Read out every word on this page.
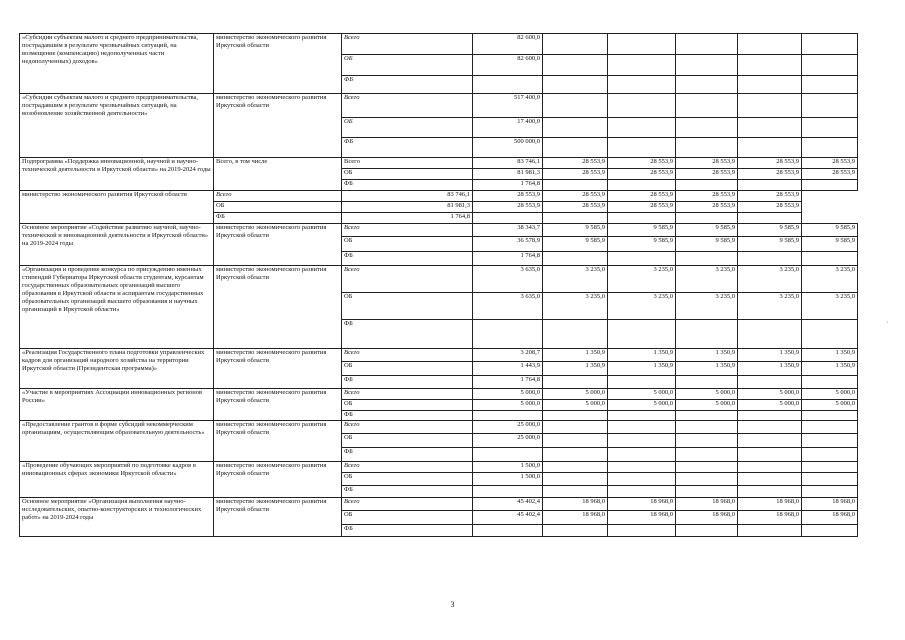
«Субсидии субъектам малого и среднего предпринимательства, пострадавшим в результате чрезвычайных ситуаций, на возмещение (компенсацию) недополученных части недополученных) доходов»	министерство экономического развития Иркутской области	Всего	82 600,0					
		ОБ	82 600,0					
		ФБ						
«Субсидии субъектам малого и среднего предпринимательства, пострадавшим в результате чрезвычайных ситуаций, на возобновление хозяйственной деятельности»	министерство экономического развития Иркутской области	Всего	517 400,0					
		ОБ	17 400,0					
		ФБ	500 000,0					
Подпрограмма «Поддержка инновационной, научной и научно-технической деятельности в Иркутской области» на 2019-2024 годы	Всего, в том числе	Всего	83 746,1	28 553,9	28 553,9	28 553,9	28 553,9	28 553,9
		ОБ	81 981,3	28 553,9	28 553,9	28 553,9	28 553,9	28 553,9
		ФБ	1 764,8					
министерство экономического развития Иркутской области	Всего	83 746,1	28 553,9	28 553,9	28 553,9	28 553,9	28 553,9	
	ОБ	81 981,3	28 553,9	28 553,9	28 553,9	28 553,9	28 553,9	
	ФБ	1 764,8						
Основное мероприятие «Содействие развитию научной, научно-технической и инновационной деятельности в Иркутской области» на 2019-2024 годы	министерство экономического развития Иркутской области	Всего	38 343,7	9 585,9	9 585,9	9 585,9	9 585,9	9 585,9
		ОБ	36 578,9	9 585,9	9 585,9	9 585,9	9 585,9	9 585,9
		ФБ	1 764,8					
«Организация и проведение конкурса по присуждению именных стипендий Губернатора Иркутской области студентам, курсантам государственных образовательных организаций высшего образования в Иркутской области и аспирантам государственных образовательных организаций высшего образования и научных организаций в Иркутской области»	министерство экономического развития Иркутской области	Всего	3 635,0	3 235,0	3 235,0	3 235,0	3 235,0	3 235,0
		ОБ	3 635,0	3 235,0	3 235,0	3 235,0	3 235,0	3 235,0
		ФБ						
«Реализация Государственного плана подготовки управленческих кадров для организаций народного хозяйства на территории Иркутской области (Президентская программа)»	министерство экономического развития Иркутской области	Всего	3 208,7	1 350,9	1 350,9	1 350,9	1 350,9	1 350,9
		ОБ	1 443,9	1 350,9	1 350,9	1 350,9	1 350,9	1 350,9
		ФБ	1 764,8					
«Участие в мероприятиях Ассоциации инновационных регионов России»	министерство экономического развития Иркутской области	Всего	5 000,0	5 000,0	5 000,0	5 000,0	5 000,0	5 000,0
		ОБ	5 000,0	5 000,0	5 000,0	5 000,0	5 000,0	5 000,0
		ФБ						
«Предоставление грантов в форме субсидий некоммерческим организациям, осуществляющим образовательную деятельность»	министерство экономического развития Иркутской области	Всего	25 000,0					
		ОБ	25 000,0					
		ФБ						
«Проведение обучающих мероприятий по подготовке кадров в инновационных сферах экономики Иркутской области»	министерство экономического развития Иркутской области	Всего	1 500,0					
		ОБ	1 500,0					
		ФБ						
Основное мероприятие «Организация выполнения научно-исследовательских, опытно-конструкторских и технологических работ» на 2019-2024 годы	министерство экономического развития Иркутской области	Всего	45 402,4	18 968,0	18 968,0	18 968,0	18 968,0	18 968,0
		ОБ	45 402,4	18 968,0	18 968,0	18 968,0	18 968,0	18 968,0
		ФБ						
3
·
